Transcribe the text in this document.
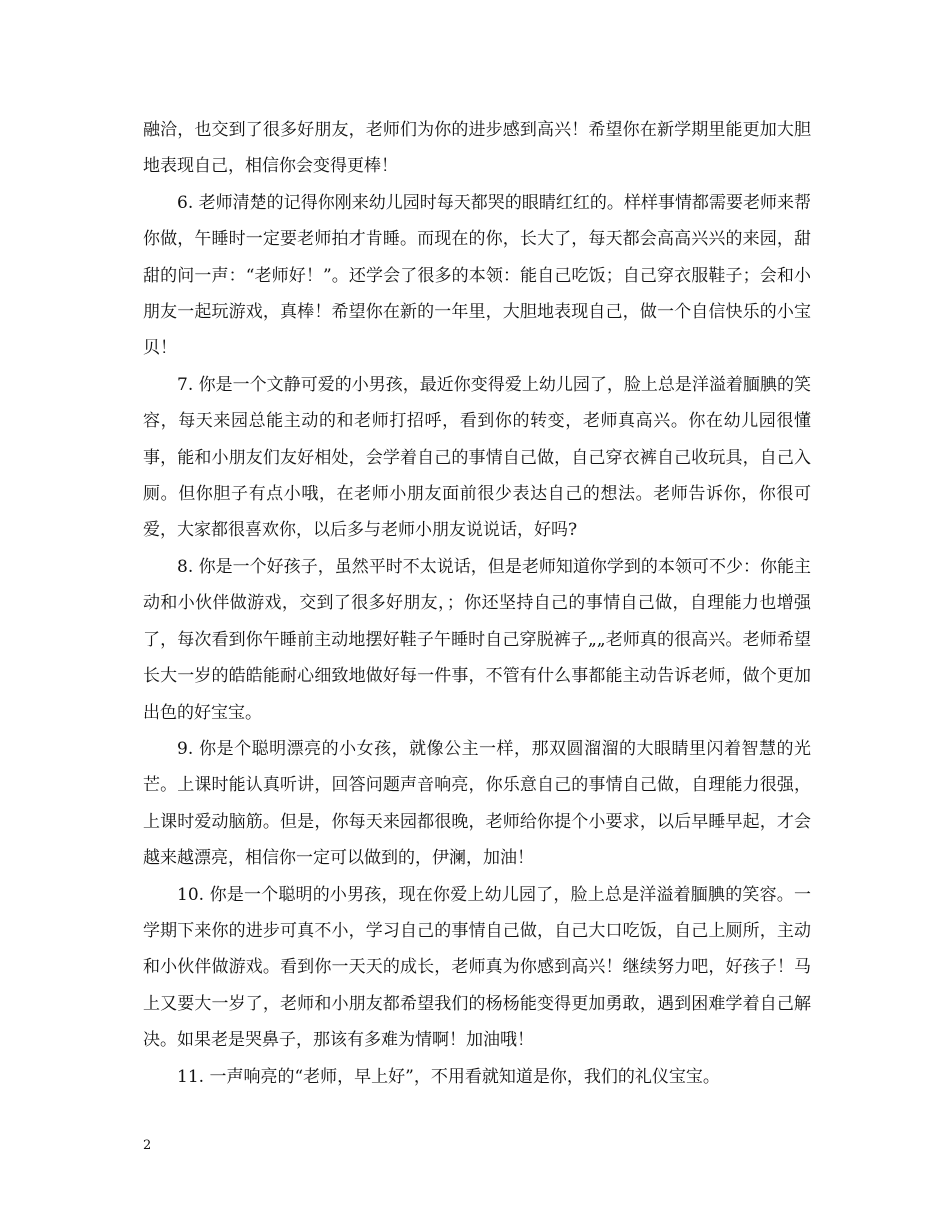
融洽，也交到了很多好朋友，老师们为你的进步感到高兴！希望你在新学期里能更加大胆地表现自己，相信你会变得更棒！

6. 老师清楚的记得你刚来幼儿园时每天都哭的眼睛红红的。样样事情都需要老师来帮你做，午睡时一定要老师拍才肯睡。而现在的你，长大了，每天都会高高兴兴的来园，甜甜的问一声：“老师好！”。还学会了很多的本领：能自己吃饭；自己穿衣服鞋子；会和小朋友一起玩游戏，真棒！希望你在新的一年里，大胆地表现自己，做一个自信快乐的小宝贝！

7. 你是一个文静可爱的小男孩，最近你变得爱上幼儿园了，脸上总是洋溢着腼腆的笑容，每天来园总能主动的和老师打招呼，看到你的转变，老师真高兴。你在幼儿园很懂事，能和小朋友们友好相处，会学着自己的事情自己做，自己穿衣裤自己收玩具，自己入厕。但你胆子有点小哦，在老师小朋友面前很少表达自己的想法。老师告诉你，你很可爱，大家都很喜欢你，以后多与老师小朋友说说话，好吗?

8. 你是一个好孩子，虽然平时不太说话，但是老师知道你学到的本领可不少：你能主动和小伙伴做游戏，交到了很多好朋友，；你还坚持自己的事情自己做，自理能力也增强了，每次看到你午睡前主动地摆好鞋子午睡时自己穿脱裤子„„老师真的很高兴。老师希望长大一岁的皓皓能耐心细致地做好每一件事，不管有什么事都能主动告诉老师，做个更加出色的好宝宝。

9. 你是个聪明漂亮的小女孩，就像公主一样，那双圆溜溜的大眼睛里闪着智慧的光芒。上课时能认真听讲，回答问题声音响亮，你乐意自己的事情自己做，自理能力很强，上课时爱动脑筋。但是，你每天来园都很晚，老师给你提个小要求，以后早睡早起，才会越来越漂亮，相信你一定可以做到的，伊澜，加油！

10. 你是一个聪明的小男孩，现在你爱上幼儿园了，脸上总是洋溢着腼腆的笑容。一学期下来你的进步可真不小，学习自己的事情自己做，自己大口吃饭，自己上厕所，主动和小伙伴做游戏。看到你一天天的成长，老师真为你感到高兴！继续努力吧，好孩子！马上又要大一岁了，老师和小朋友都希望我们的杨杨能变得更加勇敢，遇到困难学着自己解决。如果老是哭鼻子，那该有多难为情啊！加油哦！

11. 一声响亮的“老师，早上好”，不用看就知道是你，我们的礼仪宝宝。

2
